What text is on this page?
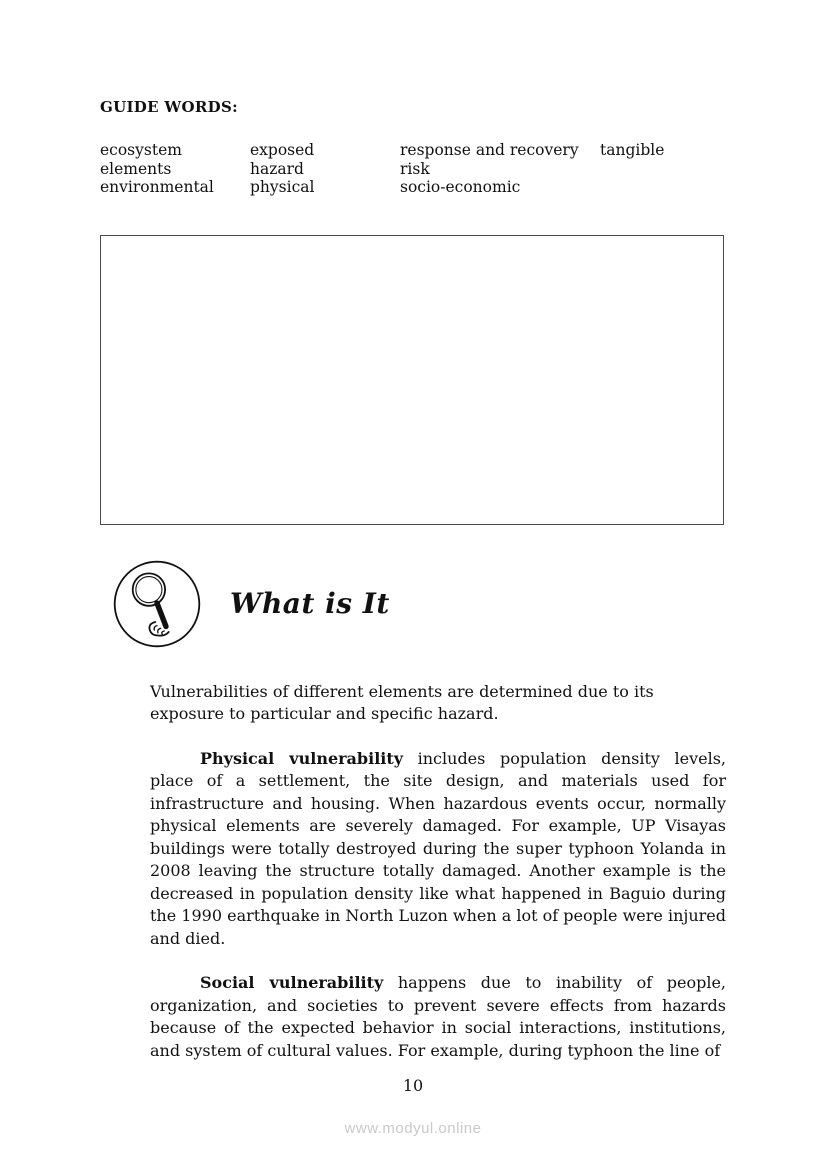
GUIDE WORDS:
ecosystem
elements
environmental
exposed
hazard
physical
response and recovery
risk
socio-economic
tangible
What is It

Vulnerabilities of different elements are determined due to its exposure to particular and specific hazard.

Physical vulnerability includes population density levels, place of a settlement, the site design, and materials used for infrastructure and housing. When hazardous events occur, normally physical elements are severely damaged. For example, UP Visayas buildings were totally destroyed during the super typhoon Yolanda in 2008 leaving the structure totally damaged. Another example is the decreased in population density like what happened in Baguio during the 1990 earthquake in North Luzon when a lot of people were injured and died.

Social vulnerability happens due to inability of people, organization, and societies to prevent severe effects from hazards because of the expected behavior in social interactions, institutions, and system of cultural values. For example, during typhoon the line of

10
www.modyul.online
